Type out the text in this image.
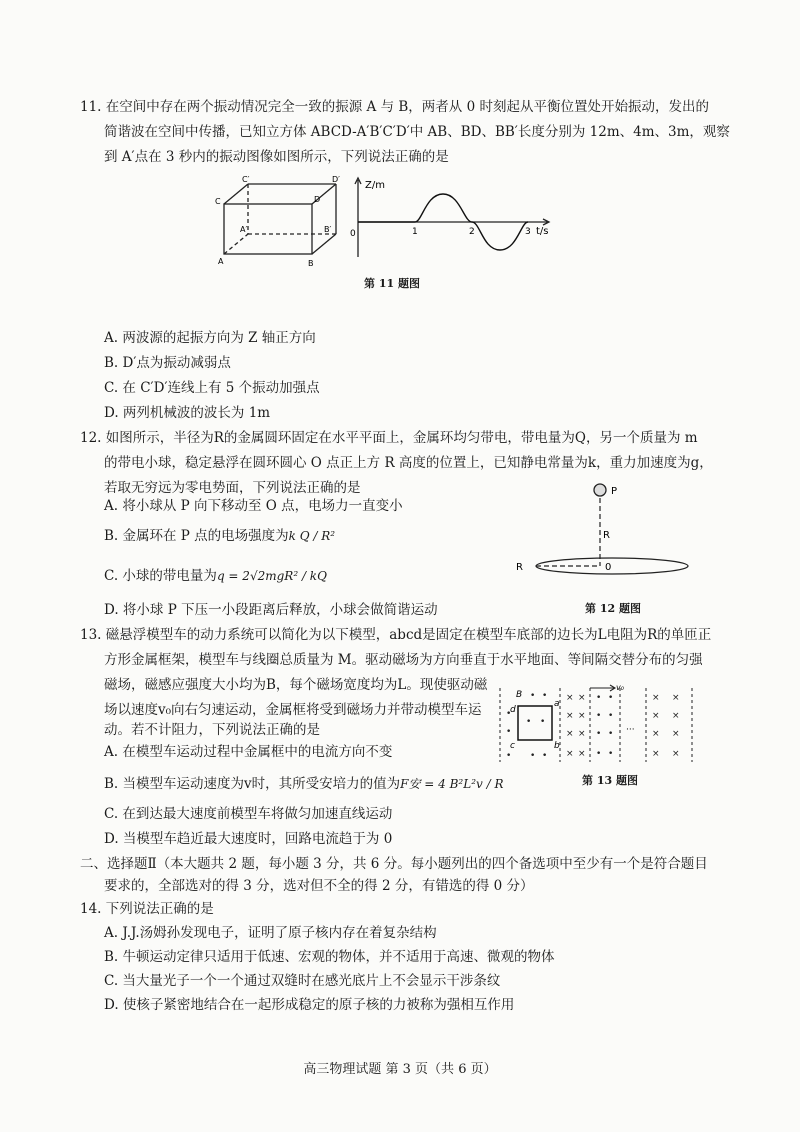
11. 在空间中存在两个振动情况完全一致的振源 A 与 B，两者从 0 时刻起从平衡位置处开始振动，发出的
简谐波在空间中传播，已知立方体 ABCD-A′B′C′D′中 AB、BD、BB′长度分别为 12m、4m、3m，观察
到 A′点在 3 秒内的振动图像如图所示，下列说法正确的是
C′	D′
C	D
A′	B′
A	B
Z/m
0	1	2	3 t/s
第 11 题图
A. 两波源的起振方向为 Z 轴正方向
B. D′点为振动减弱点
C. 在 C′D′连线上有 5 个振动加强点
D. 两列机械波的波长为 1m
12. 如图所示，半径为R的金属圆环固定在水平平面上，金属环均匀带电，带电量为Q，另一个质量为 m
的带电小球，稳定悬浮在圆环圆心 O 点正上方 R 高度的位置上，已知静电常量为k，重力加速度为g，
若取无穷远为零电势面，下列说法正确的是
A. 将小球从 P 向下移动至 O 点，电场力一直变小
B. 金属环在 P 点的电场强度为k Q / R²
C. 小球的带电量为q = 2√2mgR² / kQ
D. 将小球 P 下压一小段距离后释放，小球会做简谐运动
P
R
R	0
第 12 题图
13. 磁悬浮模型车的动力系统可以简化为以下模型，abcd是固定在模型车底部的边长为L电阻为R的单匝正
方形金属框架，模型车与线圈总质量为 M。驱动磁场为方向垂直于水平地面、等间隔交替分布的匀强
磁场，磁感应强度大小均为B，每个磁场宽度均为L。现使驱动磁
场以速度v₀向右匀速运动，金属框将受到磁场力并带动模型车运
动。若不计阻力，下列说法正确的是
A. 在模型车运动过程中金属框中的电流方向不变
B. 当模型车运动速度为v时，其所受安培力的值为F安 = 4 B²L²v / R
C. 在到达最大速度前模型车将做匀加速直线运动
D. 当模型车趋近最大速度时，回路电流趋于为 0
B
a
b
c
d
•
•
•
• •
• •
• •
× ×
× ×
× ×
× ×
• •
• •
• •
• •
× ×
× ×
× ×
× ×
v₀
···
第 13 题图
二、选择题Ⅱ（本大题共 2 题，每小题 3 分，共 6 分。每小题列出的四个备选项中至少有一个是符合题目
要求的，全部选对的得 3 分，选对但不全的得 2 分，有错选的得 0 分）
14. 下列说法正确的是
A. J.J.汤姆孙发现电子，证明了原子核内存在着复杂结构
B. 牛顿运动定律只适用于低速、宏观的物体，并不适用于高速、微观的物体
C. 当大量光子一个一个通过双缝时在感光底片上不会显示干涉条纹
D. 使核子紧密地结合在一起形成稳定的原子核的力被称为强相互作用
高三物理试题 第 3 页（共 6 页）
